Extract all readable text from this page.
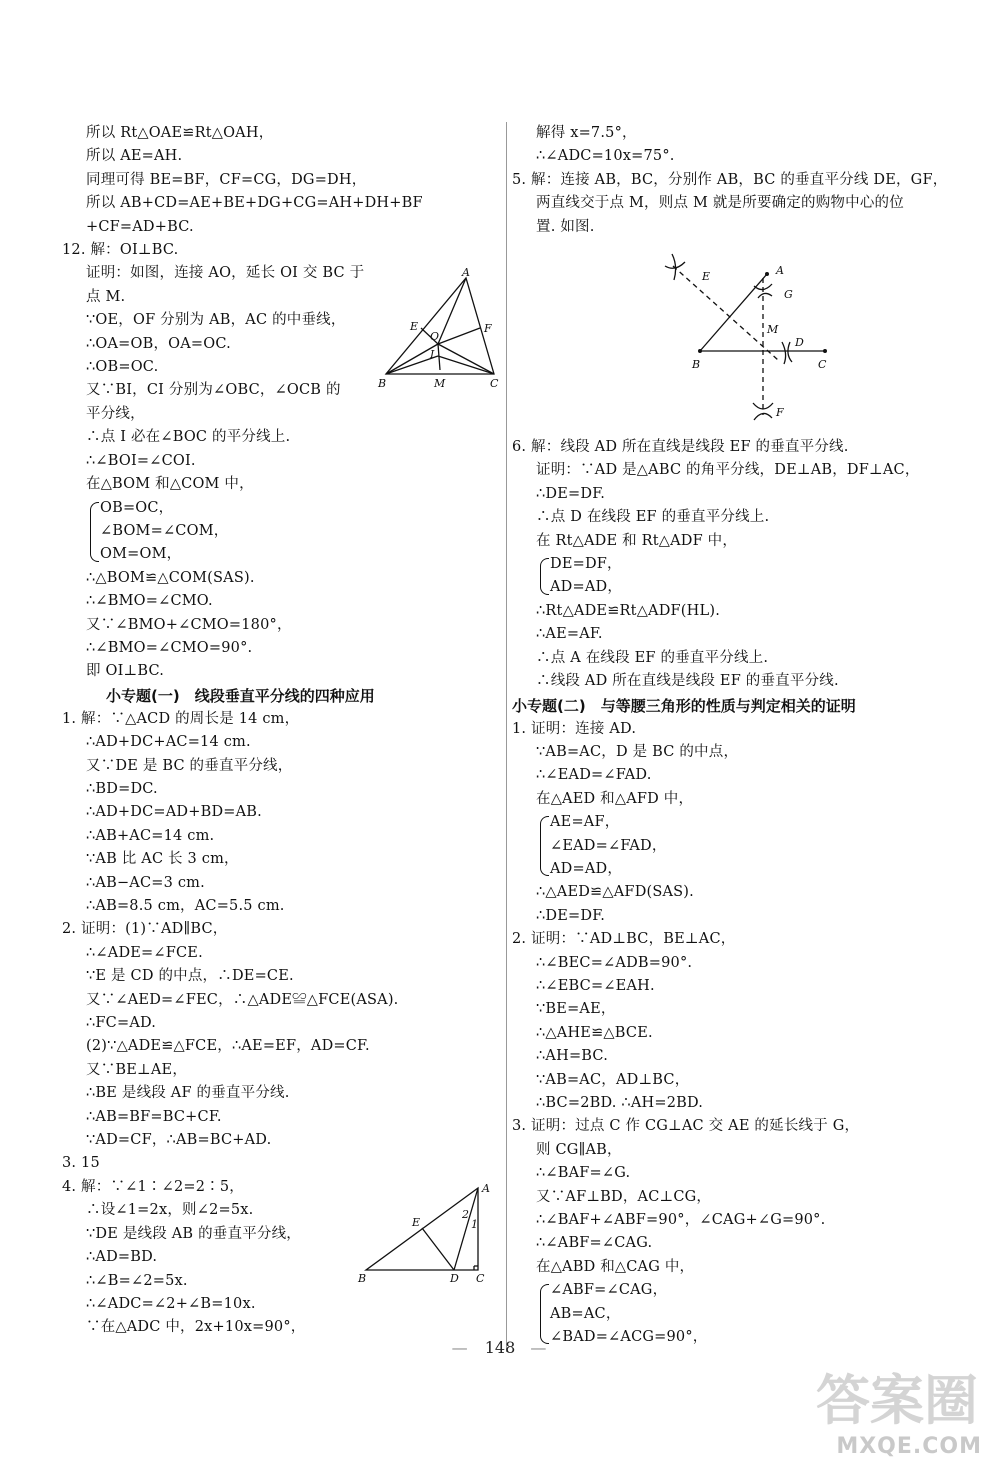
所以 Rt△OAE≌Rt△OAH，
所以 AE=AH.
同理可得 BE=BF，CF=CG，DG=DH，
所以 AB+CD=AE+BE+DG+CG=AH+DH+BF
+CF=AD+BC.
12. 解：OI⊥BC.
证明：如图，连接 AO，延长 OI 交 BC 于
点 M.
∵OE，OF 分别为 AB，AC 的中垂线，
∴OA=OB，OA=OC.
∴OB=OC.
又∵BI，CI 分别为∠OBC，∠OCB 的
平分线，
∴点 I 必在∠BOC 的平分线上.
∴∠BOI=∠COI.
在△BOM 和△COM 中，
OB=OC，
∠BOM=∠COM，
OM=OM，
∴△BOM≌△COM(SAS).
∴∠BMO=∠CMO.
又∵∠BMO+∠CMO=180°，
∴∠BMO=∠CMO=90°.
即 OI⊥BC.
小专题(一)　线段垂直平分线的四种应用
1. 解：∵△ACD 的周长是 14 cm，
∴AD+DC+AC=14 cm.
又∵DE 是 BC 的垂直平分线，
∴BD=DC.
∴AD+DC=AD+BD=AB.
∴AB+AC=14 cm.
∵AB 比 AC 长 3 cm，
∴AB−AC=3 cm.
∴AB=8.5 cm，AC=5.5 cm.
2. 证明：(1)∵AD∥BC，
∴∠ADE=∠FCE.
∵E 是 CD 的中点，∴DE=CE.
又∵∠AED=∠FEC，∴△ADE≌△FCE(ASA).
∴FC=AD.
(2)∵△ADE≌△FCE，∴AE=EF，AD=CF.
又∵BE⊥AE，
∴BE 是线段 AF 的垂直平分线.
∴AB=BF=BC+CF.
∵AD=CF，∴AB=BC+AD.
3. 15
4. 解：∵∠1∶∠2=2∶5，
∴设∠1=2x，则∠2=5x.
∵DE 是线段 AB 的垂直平分线，
∴AD=BD.
∴∠B=∠2=5x.
∴∠ADC=∠2+∠B=10x.
∵在△ADC 中，2x+10x=90°，
解得 x=7.5°，
∴∠ADC=10x=75°.
5. 解：连接 AB，BC，分别作 AB，BC 的垂直平分线 DE，GF，
两直线交于点 M，则点 M 就是所要确定的购物中心的位
置. 如图.
6. 解：线段 AD 所在直线是线段 EF 的垂直平分线.
证明：∵AD 是△ABC 的角平分线，DE⊥AB，DF⊥AC，
∴DE=DF.
∴点 D 在线段 EF 的垂直平分线上.
在 Rt△ADE 和 Rt△ADF 中，
DE=DF，
AD=AD，
∴Rt△ADE≌Rt△ADF(HL).
∴AE=AF.
∴点 A 在线段 EF 的垂直平分线上.
∴线段 AD 所在直线是线段 EF 的垂直平分线.
小专题(二)　与等腰三角形的性质与判定相关的证明
1. 证明：连接 AD.
∵AB=AC，D 是 BC 的中点，
∴∠EAD=∠FAD.
在△AED 和△AFD 中，
AE=AF，
∠EAD=∠FAD，
AD=AD，
∴△AED≌△AFD(SAS).
∴DE=DF.
2. 证明：∵AD⊥BC，BE⊥AC，
∴∠BEC=∠ADB=90°.
∴∠EBC=∠EAH.
∵BE=AE，
∴△AHE≌△BCE.
∴AH=BC.
∵AB=AC，AD⊥BC，
∴BC=2BD. ∴AH=2BD.
3. 证明：过点 C 作 CG⊥AC 交 AE 的延长线于 G，
则 CG∥AB，
∴∠BAF=∠G.
又∵AF⊥BD，AC⊥CG，
∴∠BAF+∠ABF=90°，∠CAG+∠G=90°.
∴∠ABF=∠CAG.
在△ABD 和△CAG 中，
∠ABF=∠CAG，
AB=AC，
∠BAD=∠ACG=90°，
A
E	F
O
I
B	M	C
A
E
2
1
B	D C
A
E
G
M
D
B	C
F
— 148 —
答案圈
MXQE.COM
